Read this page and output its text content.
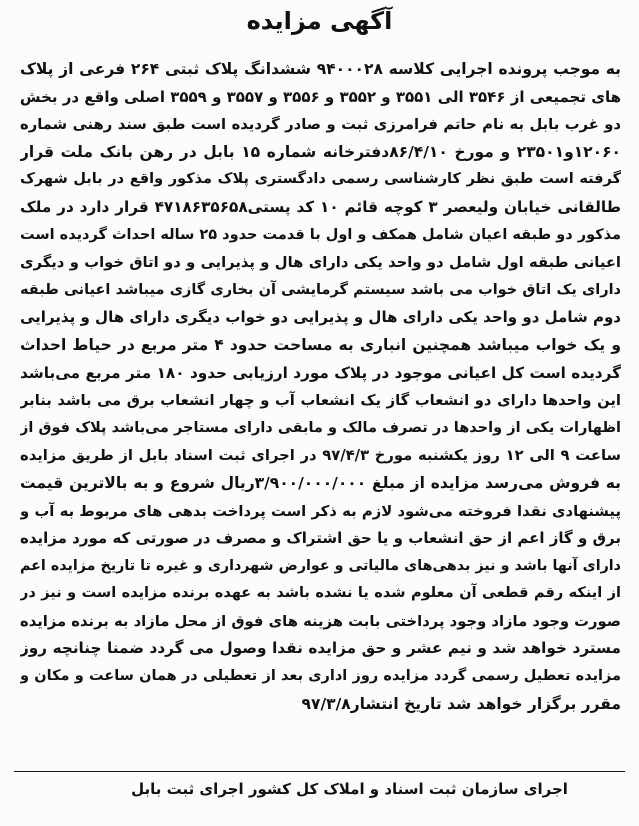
آگهی مزایده
به موجب پرونده اجرایی کلاسه ۹۴۰۰۰۲۸ ششدانگ پلاک ثبتی ۲۶۴ فرعی از پلاک
های تجمیعی از ۳۵۴۶ الی ۳۵۵۱ و ۳۵۵۲ و ۳۵۵۶ و ۳۵۵۷ و ۳۵۵۹ اصلی واقع در بخش
دو غرب بابل به نام حاتم فرامرزی ثبت و صادر گردیده است طبق سند رهنی شماره
۱۲۰۶۰و۲۳۵۰۱ و مورخ ۸۶/۴/۱۰دفترخانه شماره ۱۵ بابل در رهن بانک ملت قرار
گرفته است طبق نظر کارشناسی رسمی دادگستری پلاک مذکور واقع در بابل شهرک
طالقانی خیابان ولیعصر ۳ کوچه قائم ۱۰ کد پستی۴۷۱۸۶۳۵۶۵۸ قرار دارد در ملک
مذکور دو طبقه اعیان شامل همکف و اول با قدمت حدود ۲۵ ساله احداث گردیده است
اعیانی طبقه اول شامل دو واحد یکی دارای هال و پذیرایی و دو اتاق خواب و دیگری
دارای یک اتاق خواب می باشد سیستم گرمایشی آن بخاری گازی میباشد اعیانی طبقه
دوم شامل دو واحد یکی دارای هال و پذیرایی دو خواب دیگری دارای هال و پذیرایی
و یک خواب میباشد همچنین انباری به مساحت حدود ۴ متر مربع در حیاط احداث
گردیده است کل اعیانی موجود در پلاک مورد ارزیابی حدود ۱۸۰ متر مربع می‌باشد
این واحدها دارای دو انشعاب گاز یک انشعاب آب و چهار انشعاب برق می باشد بنابر
اظهارات یکی از واحدها در تصرف مالک و مابقی دارای مستاجر می‌باشد پلاک فوق از
ساعت ۹ الی ۱۲ روز یکشنبه مورخ ۹۷/۴/۳ در اجرای ثبت اسناد بابل از طریق مزایده
به فروش می‌رسد مزایده از مبلغ ۳/۹۰۰/۰۰۰/۰۰۰ریال شروع و به بالاترین قیمت
پیشنهادی نقدا فروخته می‌شود لازم به ذکر است پرداخت بدهی های مربوط به آب و
برق و گاز اعم از حق انشعاب و یا حق اشتراک و مصرف در صورتی که مورد مزایده
دارای آنها باشد و نیز بدهی‌های مالیاتی و عوارض شهرداری و غیره تا تاریخ مزایده اعم
از اینکه رقم قطعی آن معلوم شده یا نشده باشد به عهده برنده مزایده است و نیز در
صورت وجود مازاد وجود پرداختی بابت هزینه های فوق از محل مازاد به برنده مزایده
مسترد خواهد شد و نیم عشر و حق مزایده نقدا وصول می گردد ضمنا چنانچه روز
مزایده تعطیل رسمی گردد مزایده روز اداری بعد از تعطیلی در همان ساعت و مکان و
مقرر برگزار خواهد شد تاریخ انتشار۹۷/۳/۸
اجرای سازمان ثبت اسناد و املاک کل کشور اجرای ثبت بابل
